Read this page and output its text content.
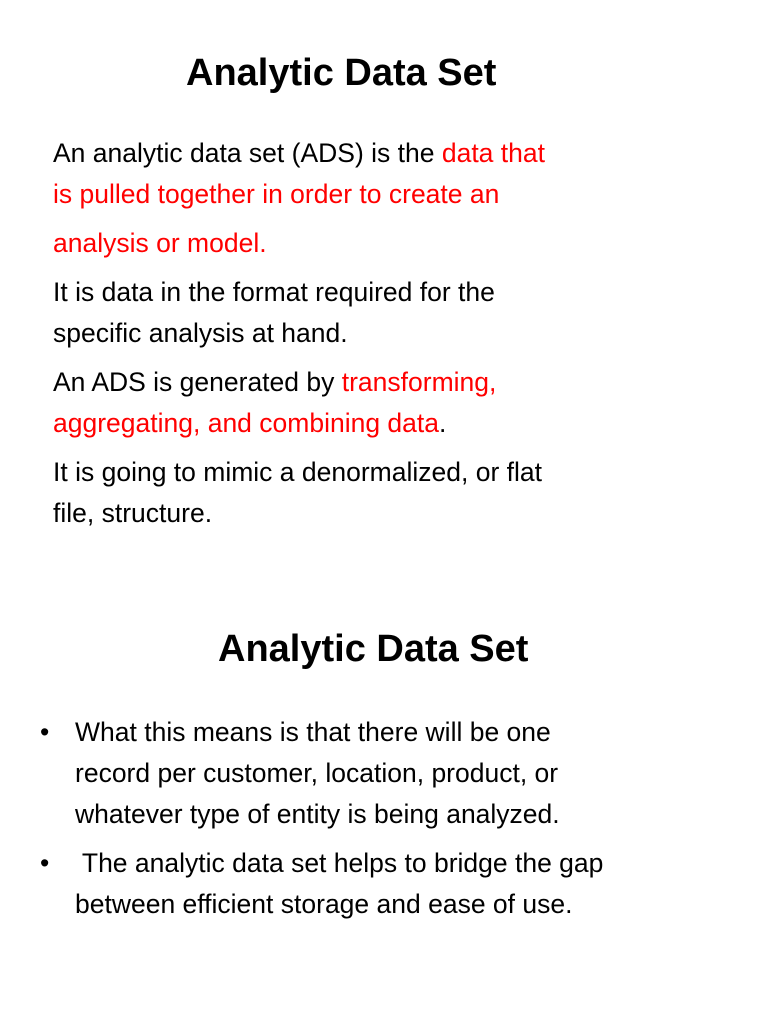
Analytic Data Set
An analytic data set (ADS) is the data that
is pulled together in order to create an
analysis or model.
It is data in the format required for the
specific analysis at hand.
An ADS is generated by transforming,
aggregating, and combining data.
It is going to mimic a denormalized, or flat
file, structure.
Analytic Data Set
• What this means is that there will be one
record per customer, location, product, or
whatever type of entity is being analyzed.
• The analytic data set helps to bridge the gap
between efficient storage and ease of use.
